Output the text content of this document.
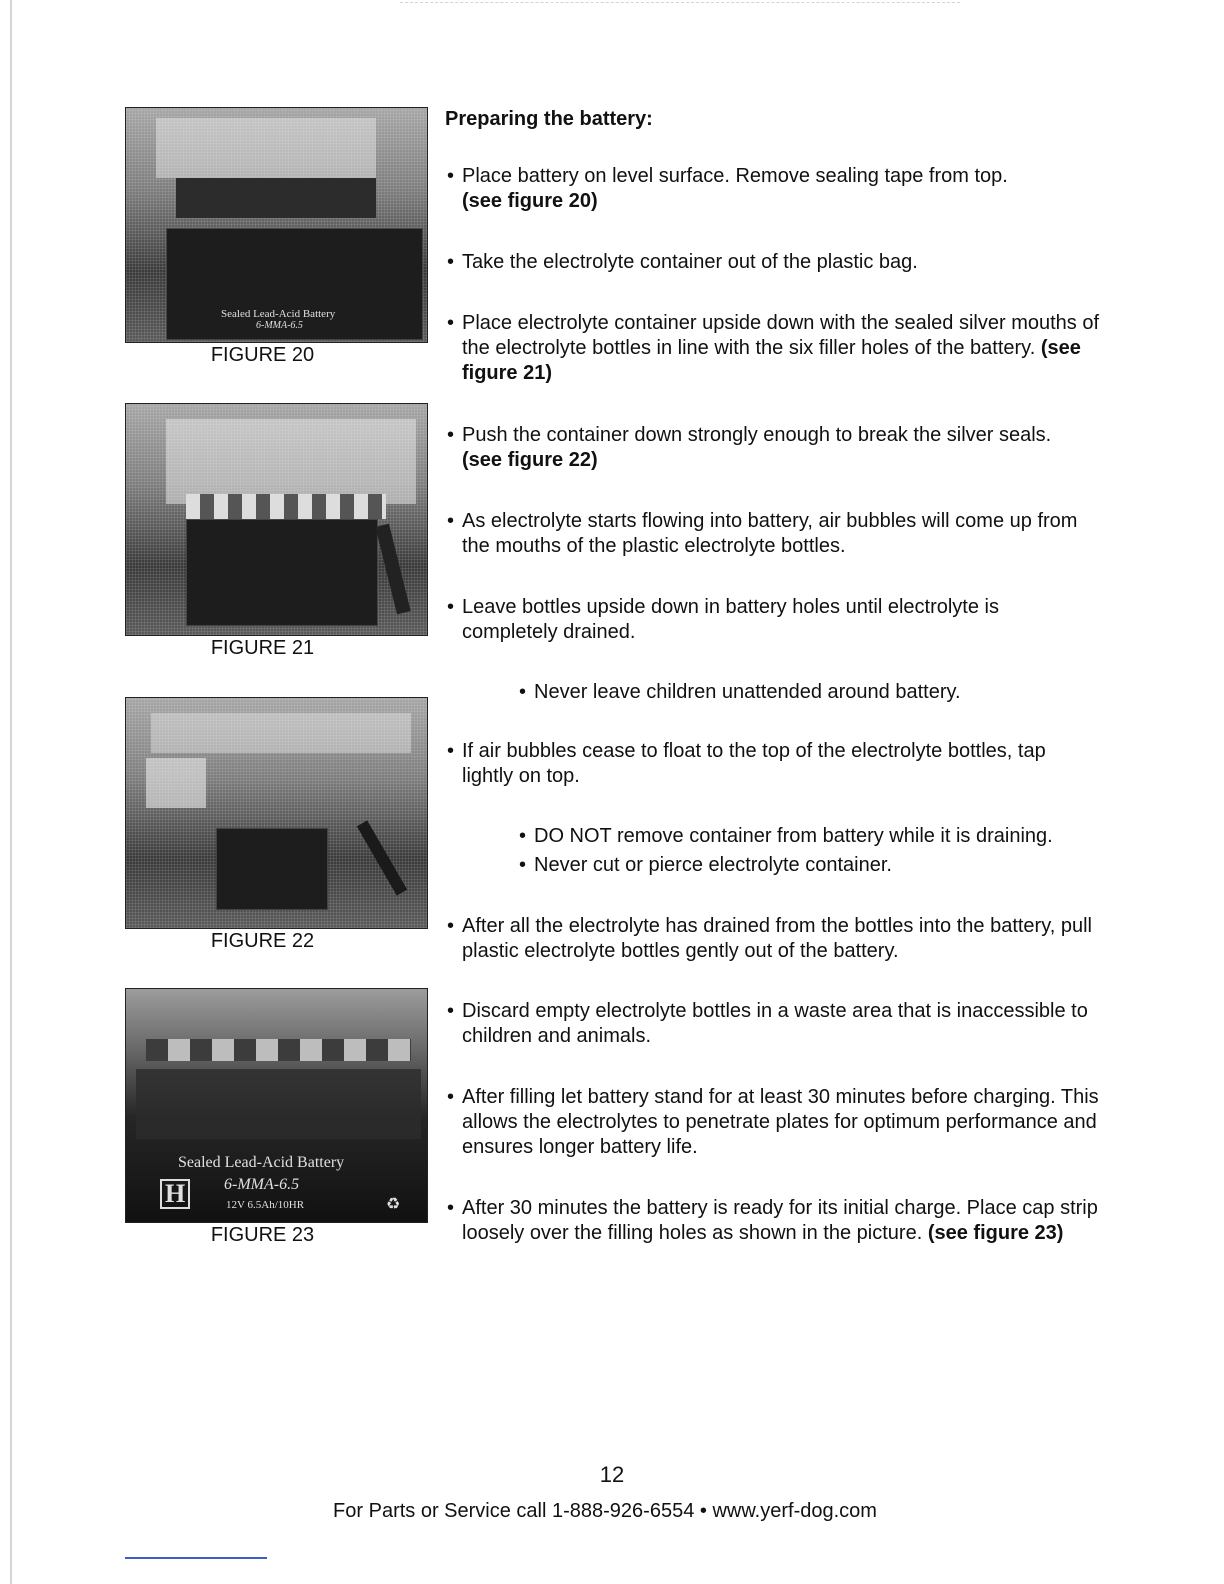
Sealed Lead-Acid Battery
6-MMA-6.5
FIGURE 20
FIGURE 21
FIGURE 22
Sealed Lead-Acid Battery
6-MMA-6.5
12V 6.5Ah/10HR
H	♻
FIGURE 23
Preparing the battery:
• Place battery on level surface. Remove sealing tape from top.
(see figure 20)
• Take the electrolyte container out of the plastic bag.
• Place electrolyte container upside down with the sealed silver mouths of the electrolyte bottles in line with the six filler holes of the battery. (see figure 21)
• Push the container down strongly enough to break the silver seals.
(see figure 22)
• As electrolyte starts flowing into battery, air bubbles will come up from the mouths of the plastic electrolyte bottles.
• Leave bottles upside down in battery holes until electrolyte is completely drained.
• Never leave children unattended around battery.
• If air bubbles cease to float to the top of the electrolyte bottles, tap lightly on top.
• DO NOT remove container from battery while it is draining.
• Never cut or pierce electrolyte container.
• After all the electrolyte has drained from the bottles into the battery, pull plastic electrolyte bottles gently out of the battery.
• Discard empty electrolyte bottles in a waste area that is inaccessible to children and animals.
• After filling let battery stand for at least 30 minutes before charging. This allows the electrolytes to penetrate plates for optimum performance and ensures longer battery life.
• After 30 minutes the battery is ready for its initial charge. Place cap strip loosely over the filling holes as shown in the picture. (see figure 23)
12
For Parts or Service call 1-888-926-6554 • www.yerf-dog.com
